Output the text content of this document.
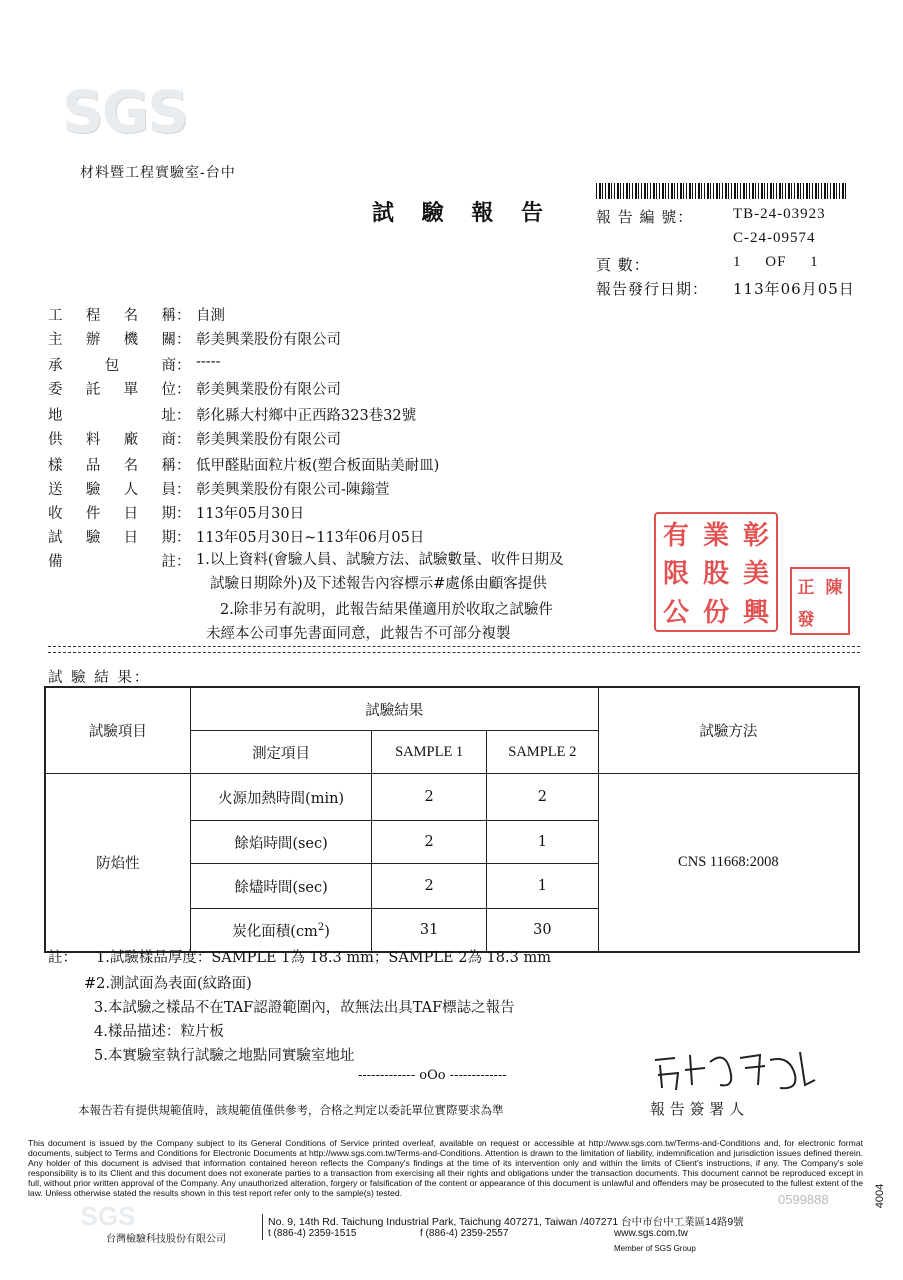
SGS
材料暨工程實驗室-台中
試 驗 報 告	報 告 編 號：	TB-24-03923
C-24-09574
頁 數：	1     OF     1
報告發行日期： 113年06月05日
工 程 名 稱 ： 自測
主 辦 機 關 ： 彰美興業股份有限公司
承	包	商 ： -----
委 託 單 位 ： 彰美興業股份有限公司
地	址 ： 彰化縣大村鄉中正西路323巷32號
供 料 廠 商 ： 彰美興業股份有限公司
樣 品 名 稱 ： 低甲醛貼面粒片板(塑合板面貼美耐皿)
送 驗 人 員 ： 彰美興業股份有限公司-陳鎓萱
收 件 日 期 ： 113年05月30日
試 驗 日 期 ： 113年05月30日~113年06月05日
備	註 ： 1.以上資料(會驗人員、試驗方法、試驗數量、收件日期及
試驗日期除外)及下述報告內容標示#處係由顧客提供
2.除非另有說明，此報告結果僅適用於收取之試驗件
未經本公司事先書面同意，此報告不可部分複製
有 業 彰
限 股 美
公 份 興
正 陳
發
試 驗 結 果：
試驗項目	試驗結果			試驗方法
	測定項目	SAMPLE 1	SAMPLE 2	
防焰性	火源加熱時間(min)	2	2	CNS 11668:2008
	餘焰時間(sec)	2	1	
	餘燼時間(sec)	2	1	
	炭化面積$(cm^2)$	31	30	
註： 1.試驗樣品厚度：SAMPLE 1為 18.3 mm；SAMPLE 2為 18.3 mm
#2.測試面為表面(紋路面)
3.本試驗之樣品不在TAF認證範圍內，故無法出具TAF標誌之報告
4.樣品描述：粒片板
5.本實驗室執行試驗之地點同實驗室地址
------------- oOo -------------
本報告若有提供規範值時，該規範值僅供參考，合格之判定以委託單位實際要求為準	報 告 簽 署 人
This document is issued by the Company subject to its General Conditions of Service printed overleaf, available on request or accessible at http://www.sgs.com.tw/Terms-and-Conditions and, for electronic format documents, subject to Terms and Conditions for Electronic Documents at http://www.sgs.com.tw/Terms-and-Conditions. Attention is drawn to the limitation of liability, indemnification and jurisdiction issues defined therein. Any holder of this document is advised that information contained hereon reflects the Company's findings at the time of its intervention only and within the limits of Client's instructions, if any. The Company's sole responsibility is to its Client and this document does not exonerate parties to a transaction from exercising all their rights and obligations under the transaction documents. This document cannot be reproduced except in full, without prior written approval of the Company. Any unauthorized alteration, forgery or falsification of the content or appearance of this document is unlawful and offenders may be prosecuted to the fullest extent of the law. Unless otherwise stated the results shown in this test report refer only to the sample(s) tested.	0599888
SGS
台灣檢驗科技股份有限公司
No. 9, 14th Rd. Taichung Industrial Park, Taichung 407271, Taiwan /407271 台中市台中工業區14路9號
t (886-4) 2359-1515	f (886-4) 2359-2557	www.sgs.com.tw
Member of SGS Group
4004
